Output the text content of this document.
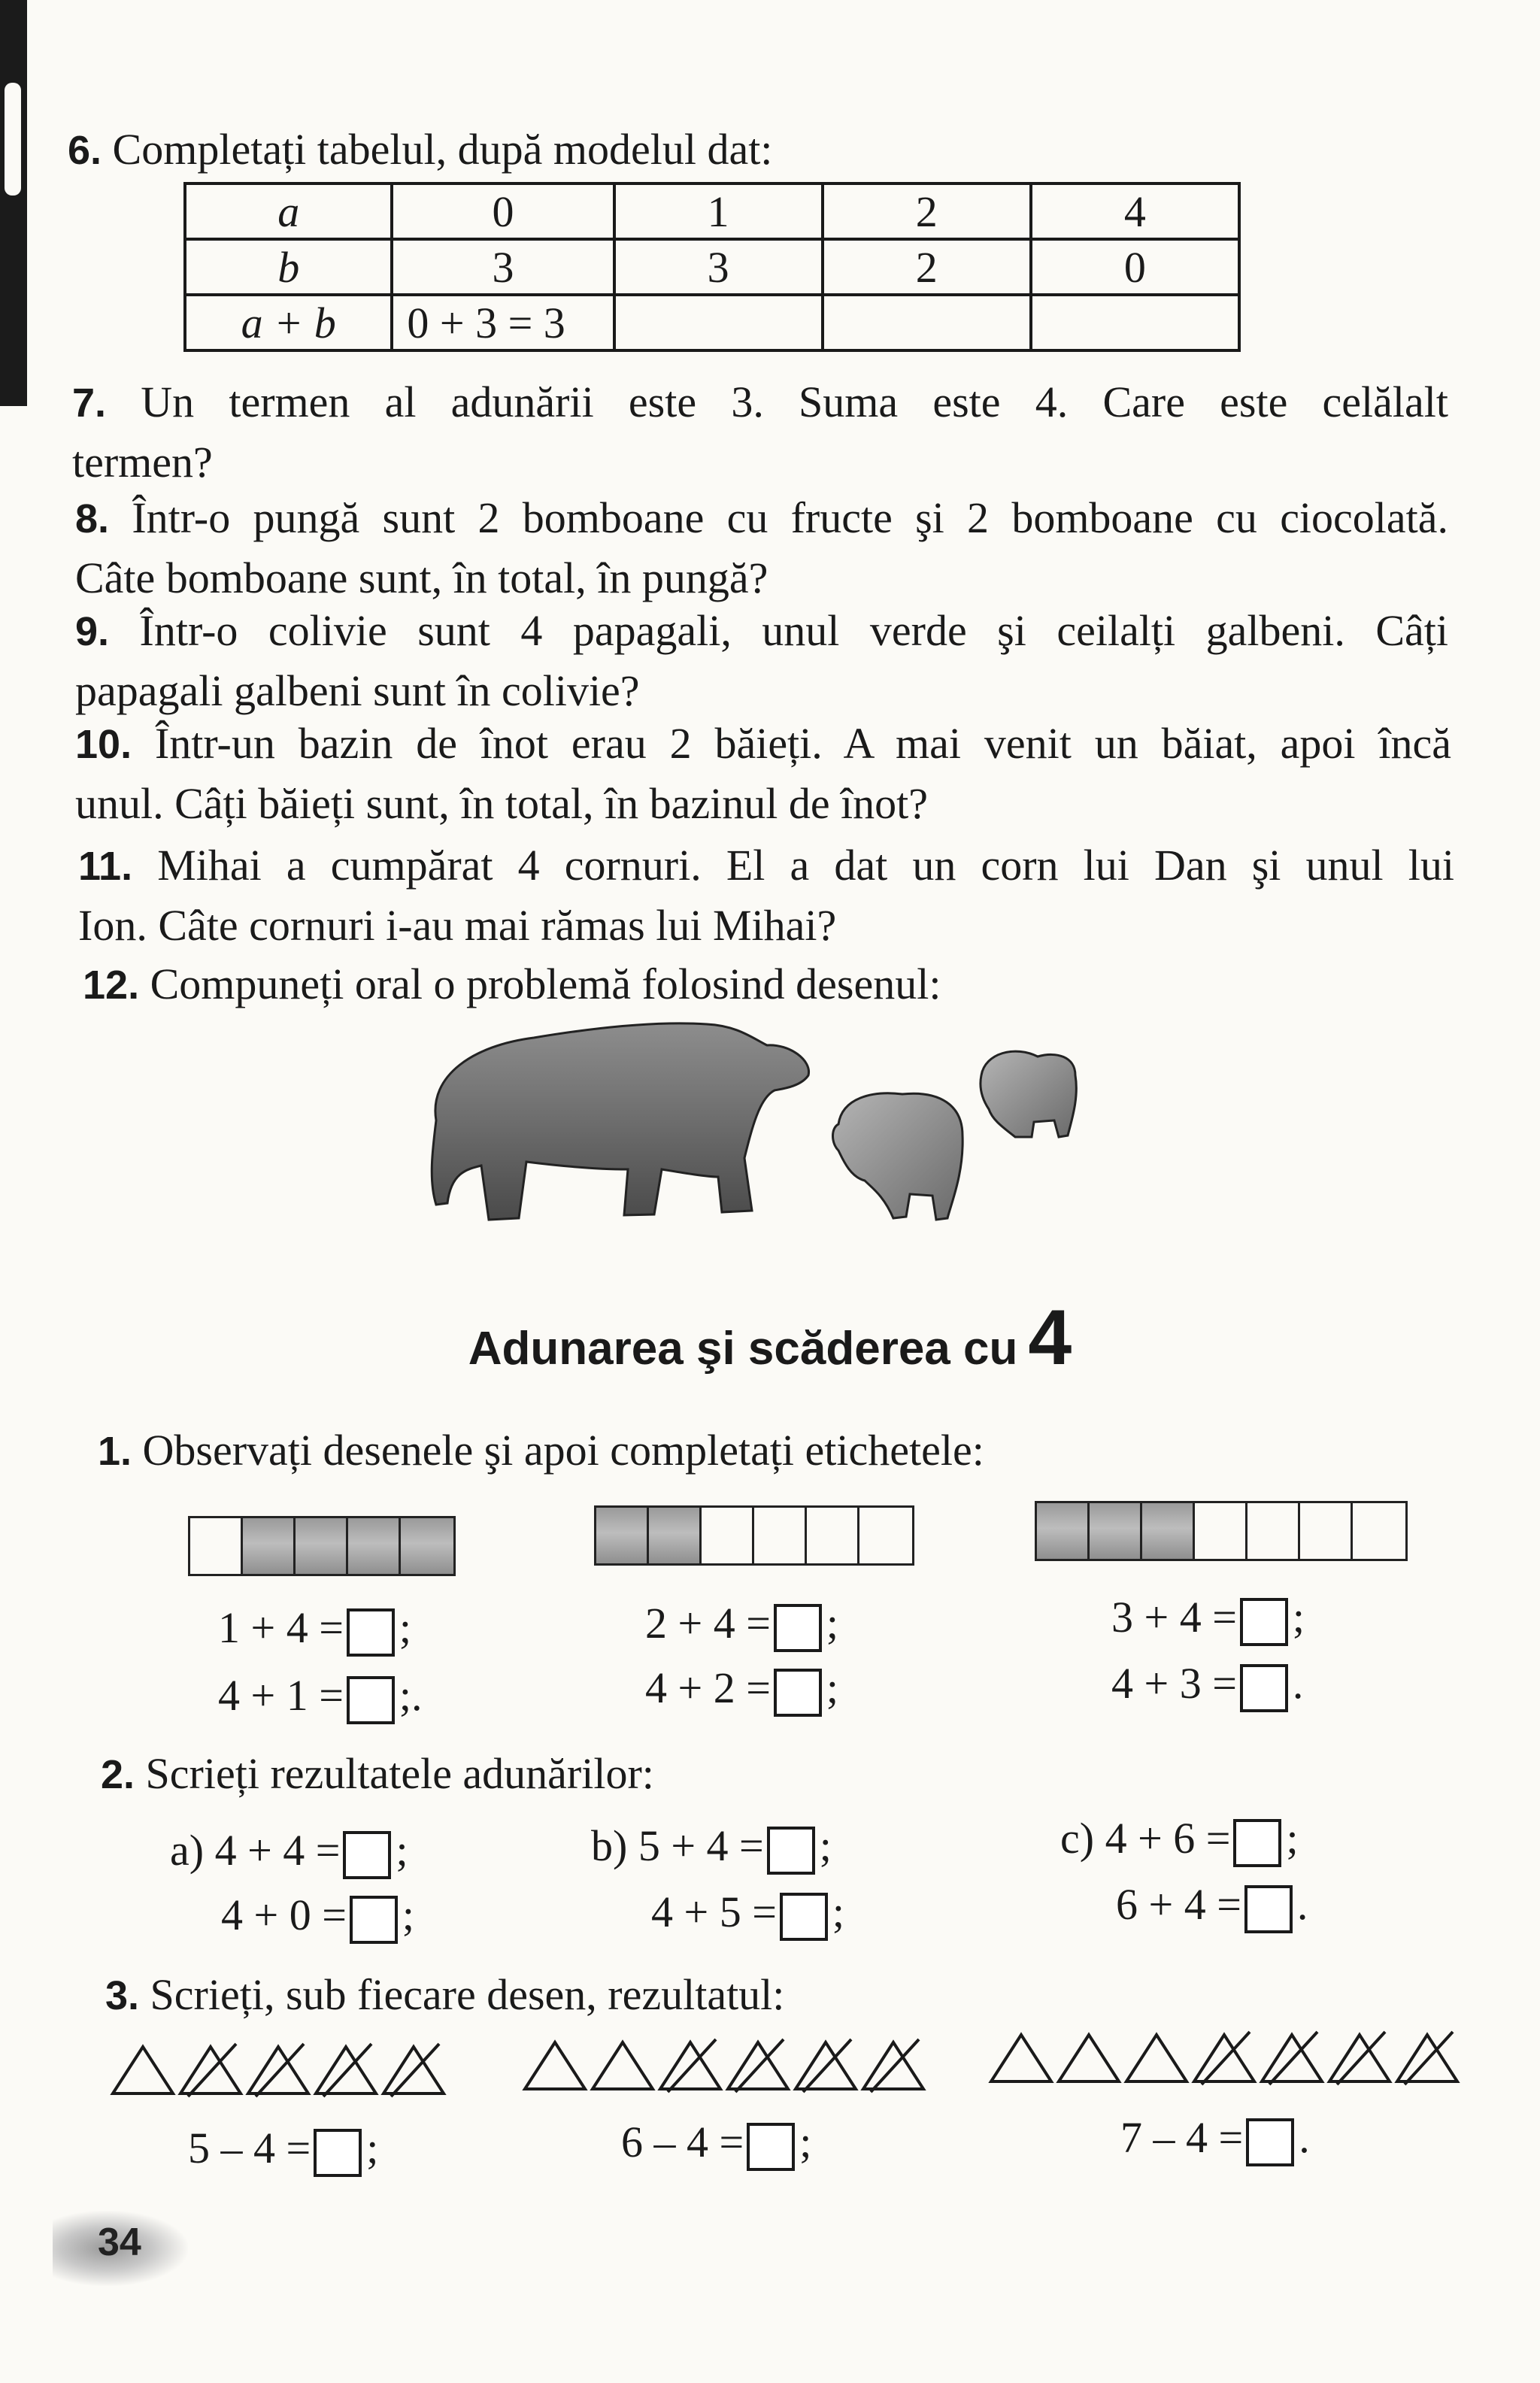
6. Completați tabelul, după modelul dat:
a	0	1	2	4
b	3	3	2	0
a + b	0 + 3 = 3			
7. Un termen al adunării este 3. Suma este 4. Care este celălalt
termen?
8. Într-o pungă sunt 2 bomboane cu fructe şi 2 bomboane cu ciocolată.
Câte bomboane sunt, în total, în pungă?
9. Într-o colivie sunt 4 papagali, unul verde şi ceilalți galbeni. Câți
papagali galbeni sunt în colivie?
10. Într-un bazin de înot erau 2 băieți. A mai venit un băiat, apoi încă
unul. Câți băieți sunt, în total, în bazinul de înot?
11. Mihai a cumpărat 4 cornuri. El a dat un corn lui Dan şi unul lui
Ion. Câte cornuri i-au mai rămas lui Mihai?
12. Compuneți oral o problemă folosind desenul:
Adunarea şi scăderea cu 4
1. Observați desenele şi apoi completați etichetele:
1 + 4 = ;
4 + 1 = ;.
2 + 4 = ;
4 + 2 = ;
3 + 4 = ;
4 + 3 = .
2. Scrieți rezultatele adunărilor:
a) 4 + 4 = ;
4 + 0 = ;
b) 5 + 4 = ;
4 + 5 = ;
c) 4 + 6 = ;
6 + 4 = .
3. Scrieți, sub fiecare desen, rezultatul:
5 – 4 = ;	6 – 4 = ;	7 – 4 = .
34
